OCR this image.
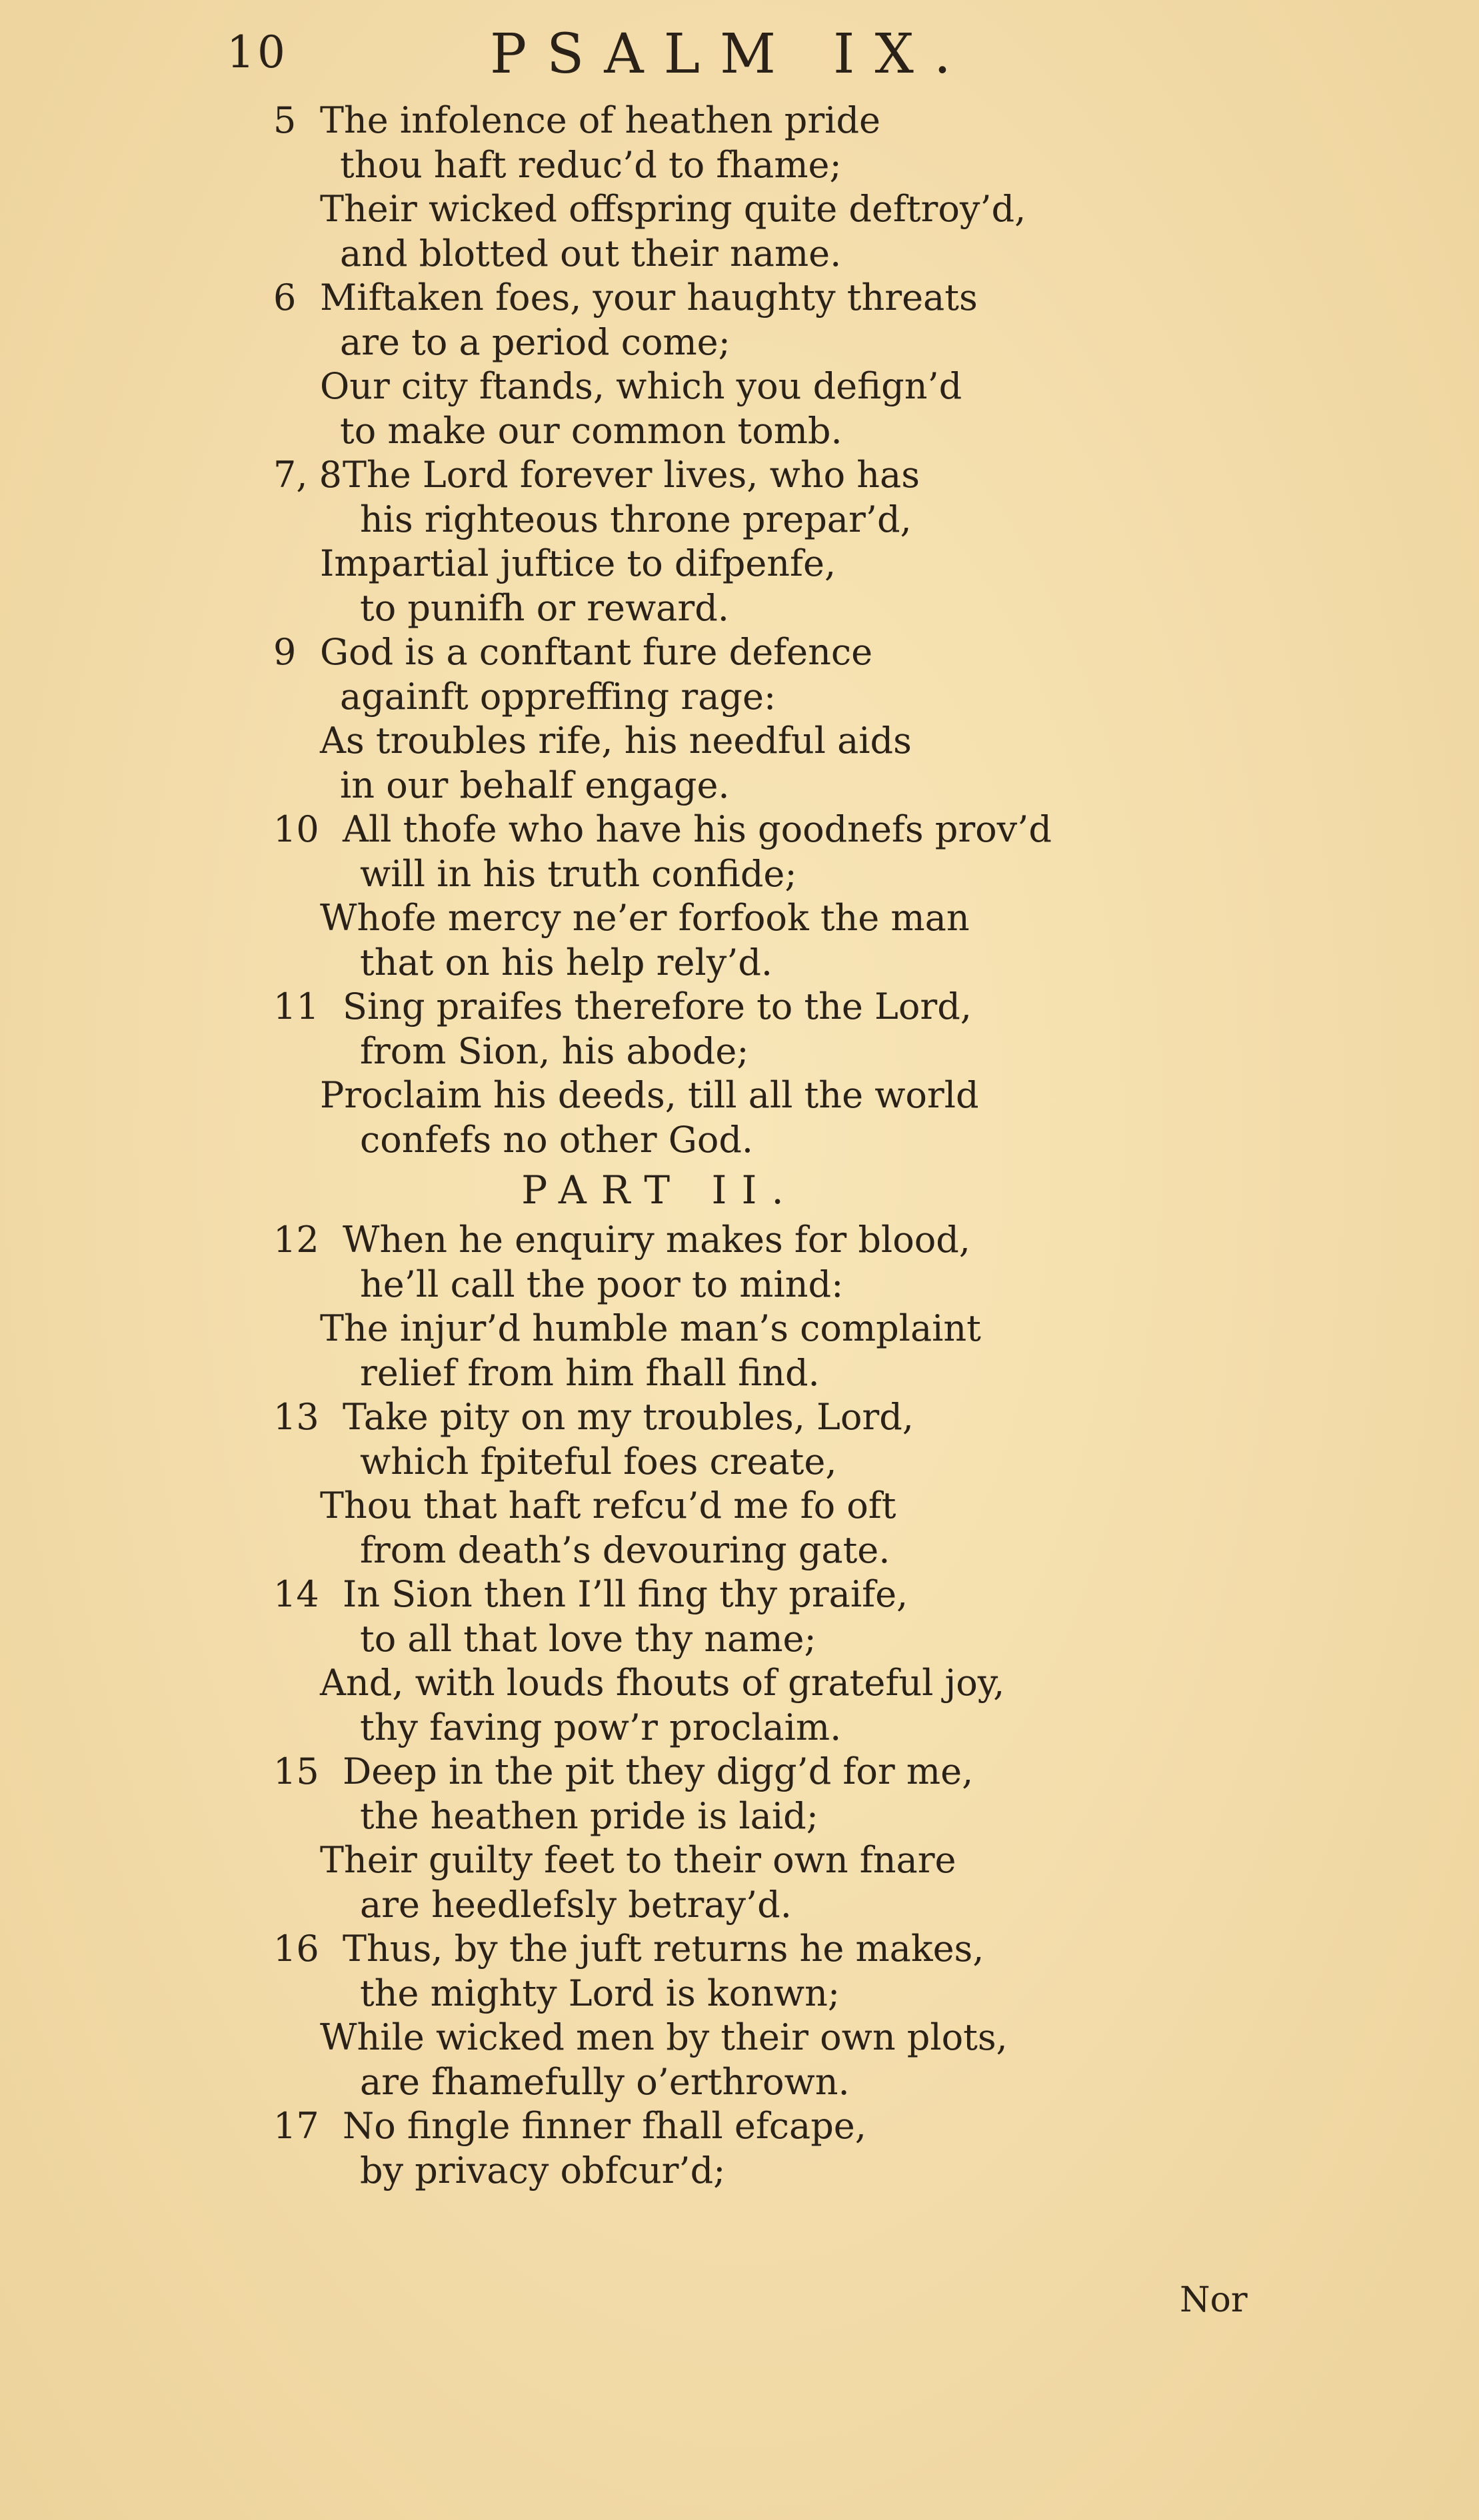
10	PSALM IX.
5 The infolence of heathen pride
thou haft reduc’d to fhame;
Their wicked offspring quite deftroy’d,
and blotted out their name.
6 Miftaken foes, your haughty threats
are to a period come;
Our city ftands, which you defign’d
to make our common tomb.
7, 8The Lord forever lives, who has
his righteous throne prepar’d,
Impartial juftice to difpenfe,
to punifh or reward.
9 God is a conftant fure defence
againft oppreffing rage:
As troubles rife, his needful aids
in our behalf engage.
10 All thofe who have his goodnefs prov’d
will in his truth confide;
Whofe mercy ne’er forfook the man
that on his help rely’d.
11 Sing praifes therefore to the Lord,
from Sion, his abode;
Proclaim his deeds, till all the world
confefs no other God.
PART II.
12 When he enquiry makes for blood,
he’ll call the poor to mind:
The injur’d humble man’s complaint
relief from him fhall find.
13 Take pity on my troubles, Lord,
which fpiteful foes create,
Thou that haft refcu’d me fo oft
from death’s devouring gate.
14 In Sion then I’ll fing thy praife,
to all that love thy name;
And, with louds fhouts of grateful joy,
thy faving pow’r proclaim.
15 Deep in the pit they digg’d for me,
the heathen pride is laid;
Their guilty feet to their own fnare
are heedlefsly betray’d.
16 Thus, by the juft returns he makes,
the mighty Lord is konwn;
While wicked men by their own plots,
are fhamefully o’erthrown.
17 No fingle finner fhall efcape,
by privacy obfcur’d;
Nor
